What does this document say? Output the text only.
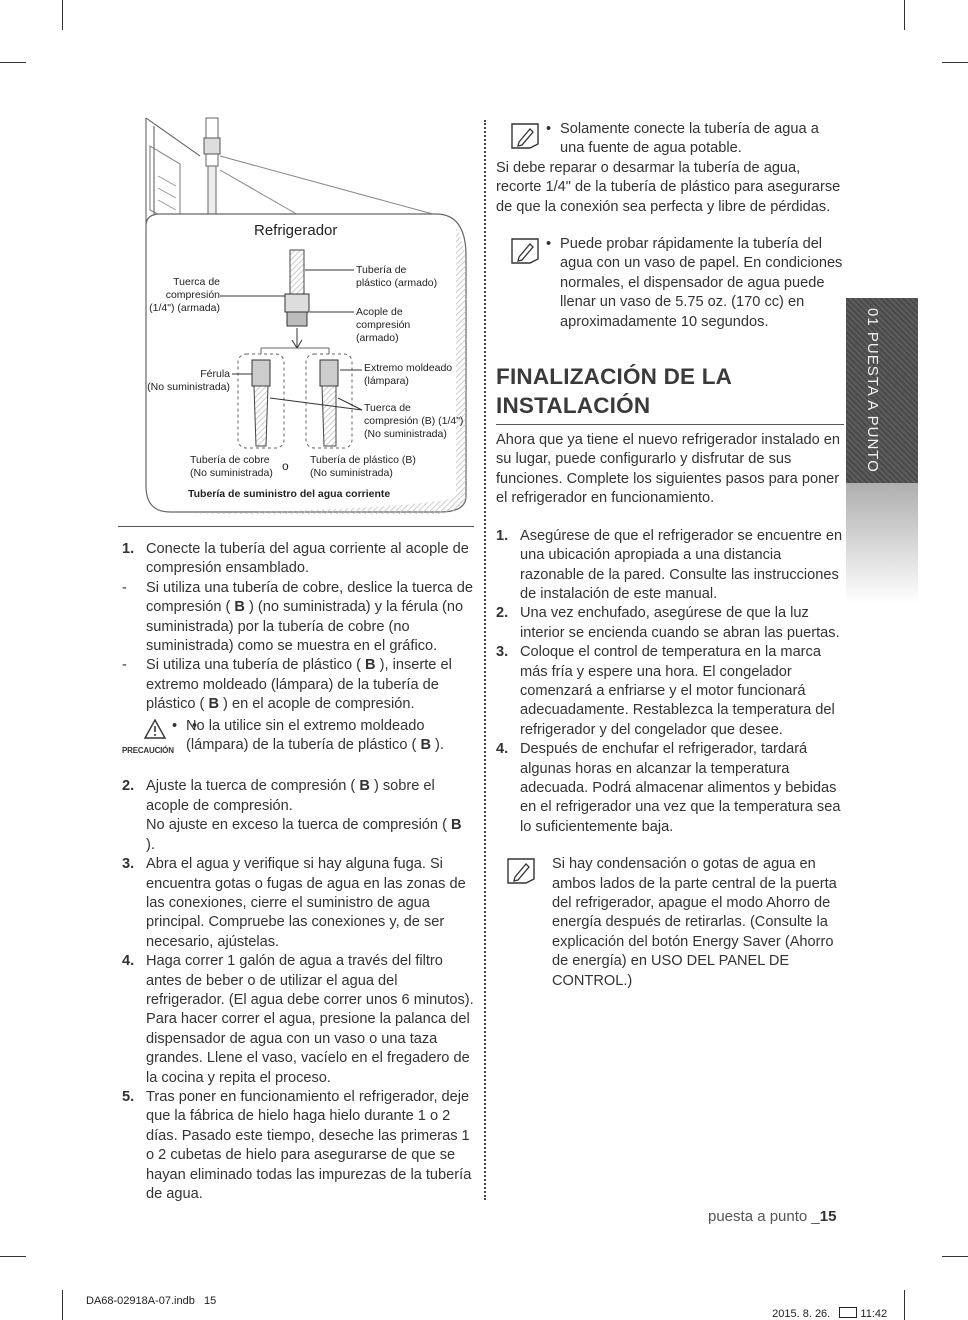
Refrigerador
Tuerca de
compresión
(1/4") (armada)
Tubería de
plástico (armado)
Acople de
compresión
(armado)
Férula
(No suministrada)
Extremo moldeado
(lámpara)
Tuerca de
compresión (B) (1/4")
(No suministrada)
Tubería de cobre
(No suministrada) o Tubería de plástico (B)
(No suministrada)
Tubería de suministro del agua corriente
1. Conecte la tubería del agua corriente al acople de compresión ensamblado.
- Si utiliza una tubería de cobre, deslice la tuerca de compresión ( B ) (no suministrada) y la férula (no suministrada) por la tubería de cobre (no suministrada) como se muestra en el gráfico.
- Si utiliza una tubería de plástico ( B ), inserte el extremo moldeado (lámpara) de la tubería de plástico ( B ) en el acople de compresión.
PRECAUCIÓN
• • No la utilice sin el extremo moldeado (lámpara) de la tubería de plástico ( B ).
2. Ajuste la tuerca de compresión ( B ) sobre el acople de compresión.
No ajuste en exceso la tuerca de compresión ( B ).
3. Abra el agua y verifique si hay alguna fuga. Si encuentra gotas o fugas de agua en las zonas de las conexiones, cierre el suministro de agua principal. Compruebe las conexiones y, de ser necesario, ajústelas.
4. Haga correr 1 galón de agua a través del filtro antes de beber o de utilizar el agua del refrigerador. (El agua debe correr unos 6 minutos). Para hacer correr el agua, presione la palanca del dispensador de agua con un vaso o una taza grandes. Llene el vaso, vacíelo en el fregadero de la cocina y repita el proceso.
5. Tras poner en funcionamiento el refrigerador, deje que la fábrica de hielo haga hielo durante 1 o 2 días. Pasado este tiempo, deseche las primeras 1 o 2 cubetas de hielo para asegurarse de que se hayan eliminado todas las impurezas de la tubería de agua.
• Solamente conecte la tubería de agua a una fuente de agua potable.
Si debe reparar o desarmar la tubería de agua, recorte 1/4" de la tubería de plástico para asegurarse de que la conexión sea perfecta y libre de pérdidas.
• Puede probar rápidamente la tubería del agua con un vaso de papel. En condiciones normales, el dispensador de agua puede llenar un vaso de 5.75 oz. (170 cc) en aproximadamente 10 segundos.
FINALIZACIÓN DE LA
INSTALACIÓN
Ahora que ya tiene el nuevo refrigerador instalado en su lugar, puede configurarlo y disfrutar de sus funciones. Complete los siguientes pasos para poner el refrigerador en funcionamiento.
1. Asegúrese de que el refrigerador se encuentre en una ubicación apropiada a una distancia razonable de la pared. Consulte las instrucciones de instalación de este manual.
2. Una vez enchufado, asegúrese de que la luz interior se encienda cuando se abran las puertas.
3. Coloque el control de temperatura en la marca más fría y espere una hora. El congelador comenzará a enfriarse y el motor funcionará adecuadamente. Restablezca la temperatura del refrigerador y del congelador que desee.
4. Después de enchufar el refrigerador, tardará algunas horas en alcanzar la temperatura adecuada. Podrá almacenar alimentos y bebidas en el refrigerador una vez que la temperatura sea lo suficientemente baja.
Si hay condensación o gotas de agua en ambos lados de la parte central de la puerta del refrigerador, apague el modo Ahorro de energía después de retirarlas. (Consulte la explicación del botón Energy Saver (Ahorro de energía) en USO DEL PANEL DE CONTROL.)
01 PUESTA A PUNTO
puesta a punto _15
DA68-02918A-07.indb   15

2015. 8. 26.   11:42
